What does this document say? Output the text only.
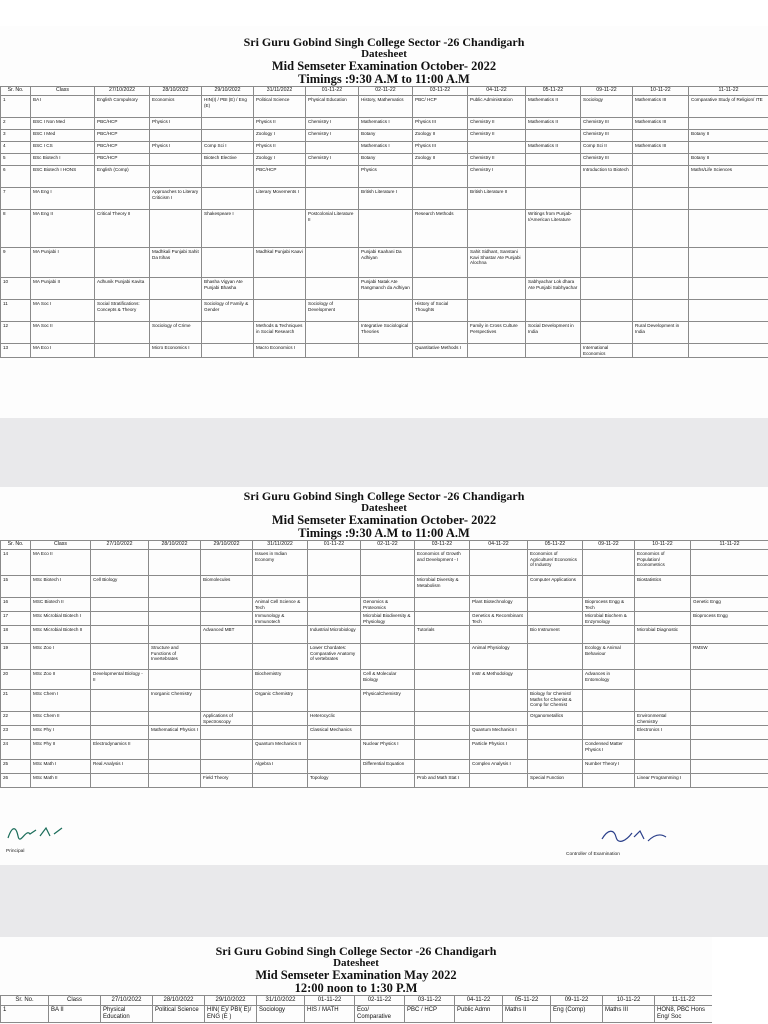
Sri Guru Gobind Singh College Sector -26 Chandigarh
Datesheet
Mid Semseter Examination October- 2022
Timings :9:30 A.M to 11:00 A.M
Sr. No.	Class	27/10/2022	28/10/2022	29/10/2022	31/11/2022	01-11-22	02-11-22	03-11-22	04-11-22	05-11-22	09-11-22	10-11-22	11-11-22
1	BA I	English Compulsory	Economics	HIN(I) / PBI (E) / Eng (E)	Political Science	Physical Education	History, Mathematics	PBC/ HCP	Public Administration	Mathematics II	Sociology	Mathematics III	Comparative Study of Religion/ ITE
2	BSC I Non Med	PBC/HCP	Physics I		Physics II	Chemistry I	Mathematics I	Physics III	Chemistry II	Mathematics II	Chemistry III	Mathematics III	
3	BSC I Med	PBC/HCP			Zoology I	Chemistry I	Botany	Zoology II	Chemistry II		Chemistry III		Botany II
4	BSC I CS	PBC/HCP	Physics I	Comp Sci I	Physics II		Mathematics I	Physics III		Mathematics II	Comp Sci II	Mathematics III	
5	BSc Biotech I	PBC/HCP		Biotech Elective	Zoology I	Chemistry I	Botany	Zoology II	Chemistry II		Chemistry III		Botany II
6	BSC Biotech I HONS	English (Comp)			PBC/HCP		Physics		Chemistry I		Introduction to Biotech		Maths/Life Sciences
7	MA Eng I		Approaches to Literary Criticism I		Literary Movements I		British Literature I		British Literature II				
8	MA Eng II	Critical Theory II		Shakespeare I		Postcolonial Literature II		Research Methods		Writings from Punjab-I/American Literature			
9	MA Punjabi I		Madhkali Punjabi Sahit Da Itihas		Madhkal Punjabi Kaavi		Punjabi Kaahani Da Adhiyan		Sahit Sidhant, Sanstani Kavi Shastar Ate Punjabi Alochna				
10	MA Punjabi II	Adhunik Punjabi Kavita		Bhasha Vigyan Ate Punjabi Bhasha			Punjabi Natak Ate Rangmanch da Adhiyan			Sabhyachar Lok dhara Ate Punjabi Sabhyachar			
11	MA Soc I	Social Stratifications: Concepts & Theory		Sociology of Family & Gender		Sociology of Development		History of Social Thoughts					
12	MA Soc II		Sociology of Crime		Methods & Techniques in Social Research		Integrative Sociological Theories		Family in Cross Culture Perspectives	Social Development in India		Rural Development in India	
13	MA Eco I		Micro Economics I		Macro Economics I			Quantitative Methods I			International Economics		
Sri Guru Gobind Singh College Sector -26 Chandigarh
Datesheet
Mid Semseter Examination October- 2022
Timings :9:30 A.M to 11:00 A.M
Sr. No.	Class	27/10/2022	28/10/2022	29/10/2022	31/11/2022	01-11-22	02-11-22	03-11-22	04-11-22	05-11-22	09-11-22	10-11-22	11-11-22
14	MA Eco II				Issues in Indian Economy			Economics of Growth and Development - I		Economics of Agriculture/ Economics of Industry		Economics of Population/ Econometrics	
15	MSc Biotech I	Cell Biology		Biomolecules				Microbial Diversity & Metabolism		Computer Applications		Biostatistics	
16	MSC Biotech II				Animal Cell Science & Tech		Genomics & Proteomics		Plant Biotechnology		Bioprocess Engg & Tech		Genetic Engg
17	MSc Microbial Biotech I				Immunology & Immunotech		Microbial Biodiversity & Physiology		Genetics & Recombinant Tech		Microbial Biochem & Enzymology		Bioprocess Engg
18	MSc Microbial Biotech II			Advanced MBT		Industrial Microbiology		Tutorials		Bio Instrument		Microbial Diagnostic	
19	MSc Zoo I		Structure and Functions of Invertebrates			Lower Chordates: Comparative Anatomy of vertebrates			Animal Physiology		Ecology & Animal Behaviour		RMSW
20	MSc Zoo II	Developmental Biology - II			Biochemistry		Cell & Molecular Biology		Instr & Methodology		Advances in Entomology		
21	MSc Chem I		Inorganic Chemistry		Organic Chemistry		PhysicalChemistry			Biology for Chemist/ Maths for Chemist & Comp for Chemist			
22	MSc Chem II			Applications of Spectroscopy		Heterocyclic				Organometallics		Environmental Chemistry	
23	MSc Phy I		Mathematical Physics I			Classical Mechanics			Quantum Mechanics I			Electronics I	
24	MSc Phy II	Electrodynamics II			Quantum Mechanics II		Nuclear Physics I		Particle Physics I		Condensed Matter Physics I		
25	MSc Math I	Real Analysis I			Algebra I		Differential Equation		Complex Analysis I		Number Theory I		
26	MSc Math II			Field Theory		Topology		Prob and Math Stat I		Special Function		Linear Programming I	
Principal
Controller of Examination
Sri Guru Gobind Singh College Sector -26 Chandigarh
Datesheet
Mid Semseter Examination May 2022
12:00 noon to 1:30 P.M
Sr. No.	Class	27/10/2022	28/10/2022	29/10/2022	31/10/2022	01-11-22	02-11-22	03-11-22	04-11-22	05-11-22	09-11-22	10-11-22	11-11-22
1	BA II	Physical Education	Political Science	HIN( E)/ PBI( E)/ ENG (E )	Sociology	HIS / MATH	Eco/ Comparative	PBC / HCP	Public Admn	Maths II	Eng (Comp)	Maths III	HON8, PBC Hons Eng/ Soc
